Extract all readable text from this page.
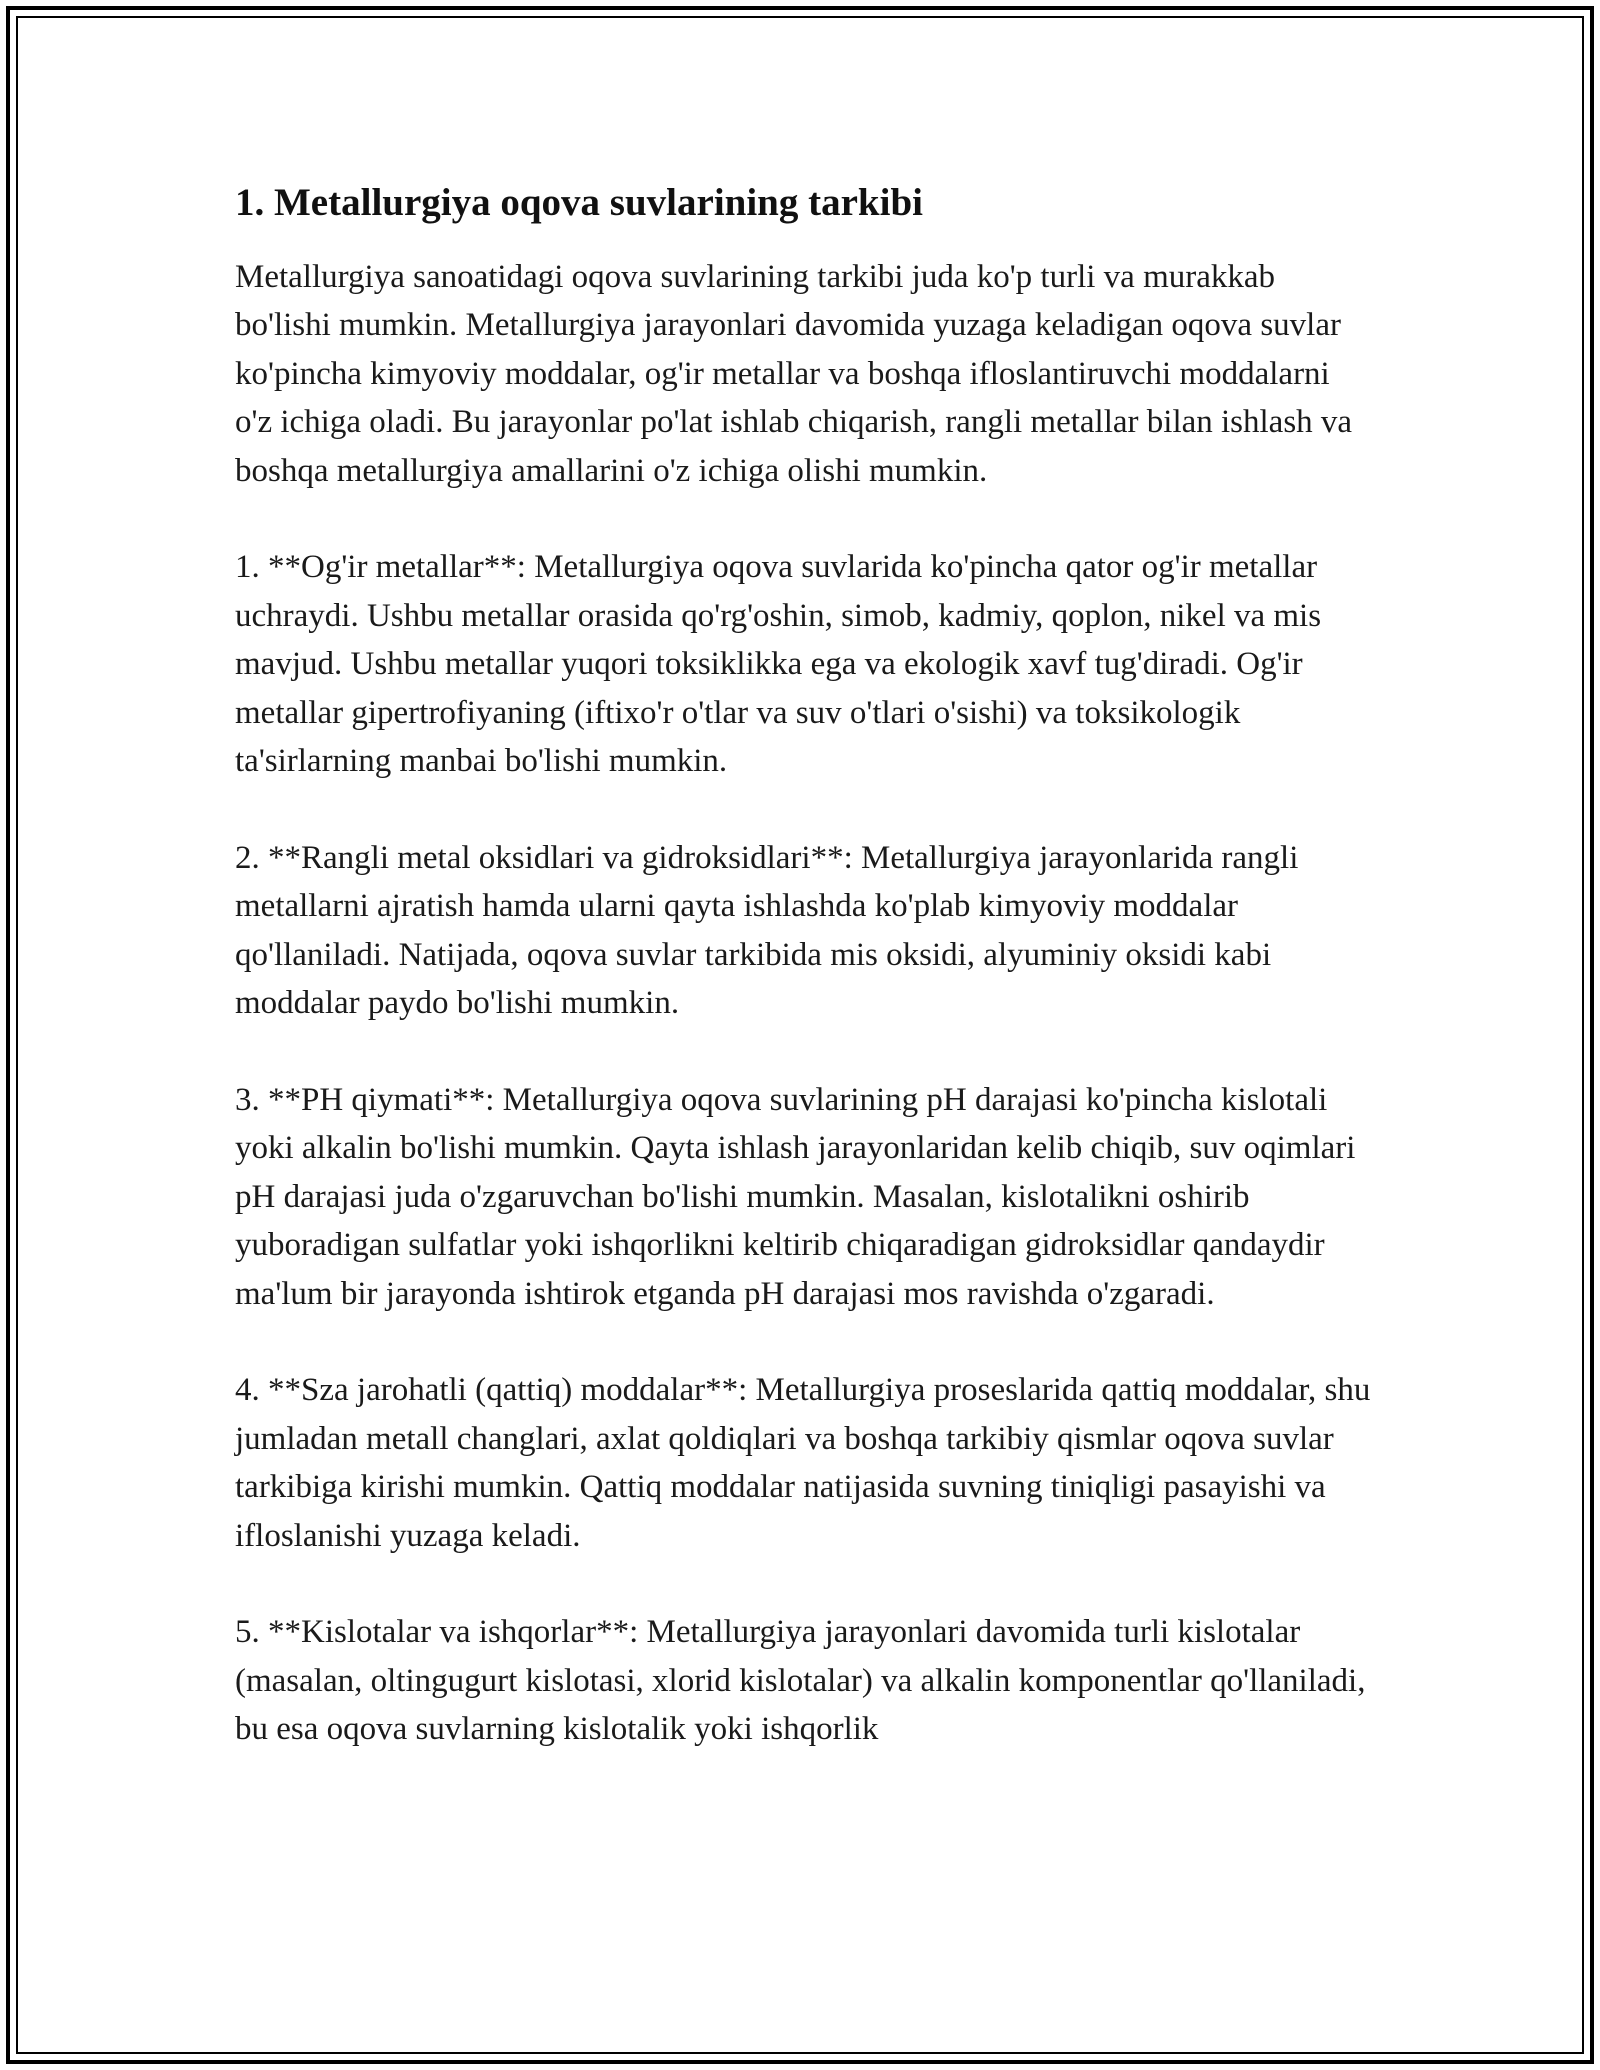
1. Metallurgiya oqova suvlarining tarkibi

Metallurgiya sanoatidagi oqova suvlarining tarkibi juda ko'p turli va murakkab bo'lishi mumkin. Metallurgiya jarayonlari davomida yuzaga keladigan oqova suvlar ko'pincha kimyoviy moddalar, og'ir metallar va boshqa ifloslantiruvchi moddalarni o'z ichiga oladi. Bu jarayonlar po'lat ishlab chiqarish, rangli metallar bilan ishlash va boshqa metallurgiya amallarini o'z ichiga olishi mumkin.

1. **Og'ir metallar**: Metallurgiya oqova suvlarida ko'pincha qator og'ir metallar uchraydi. Ushbu metallar orasida qo'rg'oshin, simob, kadmiy, qoplon, nikel va mis mavjud. Ushbu metallar yuqori toksiklikka ega va ekologik xavf tug'diradi. Og'ir metallar gipertrofiyaning (iftixo'r o'tlar va suv o'tlari o'sishi) va toksikologik ta'sirlarning manbai bo'lishi mumkin.

2. **Rangli metal oksidlari va gidroksidlari**: Metallurgiya jarayonlarida rangli metallarni ajratish hamda ularni qayta ishlashda ko'plab kimyoviy moddalar qo'llaniladi. Natijada, oqova suvlar tarkibida mis oksidi, alyuminiy oksidi kabi moddalar paydo bo'lishi mumkin.

3. **PH qiymati**: Metallurgiya oqova suvlarining pH darajasi ko'pincha kislotali yoki alkalin bo'lishi mumkin. Qayta ishlash jarayonlaridan kelib chiqib, suv oqimlari pH darajasi juda o'zgaruvchan bo'lishi mumkin. Masalan, kislotalikni oshirib yuboradigan sulfatlar yoki ishqorlikni keltirib chiqaradigan gidroksidlar qandaydir ma'lum bir jarayonda ishtirok etganda pH darajasi mos ravishda o'zgaradi.

4. **Sza jarohatli (qattiq) moddalar**: Metallurgiya proseslarida qattiq moddalar, shu jumladan metall changlari, axlat qoldiqlari va boshqa tarkibiy qismlar oqova suvlar tarkibiga kirishi mumkin. Qattiq moddalar natijasida suvning tiniqligi pasayishi va ifloslanishi yuzaga keladi.

5. **Kislotalar va ishqorlar**: Metallurgiya jarayonlari davomida turli kislotalar (masalan, oltingugurt kislotasi, xlorid kislotalar) va alkalin komponentlar qo'llaniladi, bu esa oqova suvlarning kislotalik yoki ishqorlik
